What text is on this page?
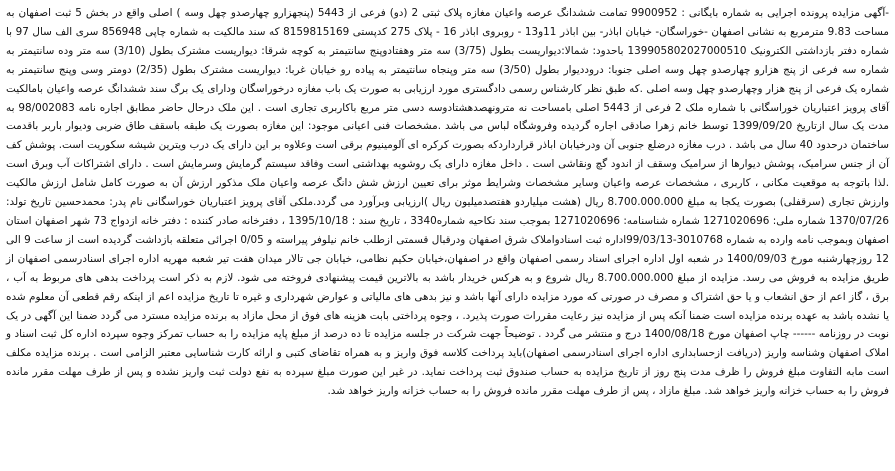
-آگهی مزایده پرونده اجرایی به شماره بایگانی : 9900952 تمامت ششدانگ عرصه واعیان مغازه پلاک ثبتی 2 (دو) فرعی از 5443 (پنجهزارو چهارصدو چهل وسه ) اصلی واقع در بخش 5 ثبت اصفهان به مساحت 9.83 مترمربع به نشانی اصفهان -خوراسگان- خیابان اباذر- بین اباذر 11و13 - روبروی اباذر 16 - پلاک 275 کدپستی 8159815169 که سند مالکیت به شماره چاپی 856948 سری الف سال 97 با شماره دفتر بازداشتی الکترونیک 139905802027000510 باحدود: شمالا:دیواریست بطول (3/75) سه متر وهفتادوپنج سانتیمتر به کوچه شرقا: دیواریست مشترک بطول (3/10) سه متر وده سانتیمتر به شماره سه فرعی از پنج هزارو چهارصدو چهل وسه اصلی جنوبا: دروددیوار بطول (3/50) سه متر وپنجاه سانتیمتر به پیاده رو خیابان غربا: دیواریست مشترک بطول (2/35) دومتر وسی وپنج سانتیمتر به شماره یک فرعی از پنج هزار وچهارصدو چهل وسه اصلی .که طبق نظر کارشناس رسمی دادگستری مورد ارزیابی به صورت یک باب مغازه درخوراسگان ودارای یک برگ سند ششدانگ عرصه واعیان بامالکیت آقای پرویز اعتباریان خوراسگانی با شماره ملک 2 فرعی از 5443 اصلی بامساحت نه مترونهصدهشتادوسه دسی متر مربع باکاربری تجاری است . این ملک درحال حاضر مطابق اجاره نامه 98/002083 به مدت یک سال ازتاریخ 1399/09/20 توسط خانم زهرا صادقی اجاره گردیده وفروشگاه لباس می باشد .مشخصات فنی اعیانی موجود: این مغازه بصورت یک طبقه باسقف طاق ضربی ودیوار باربر باقدمت ساختمان درحدود 40 سال می باشد . درب مغازه درضلع جنوبی آن ودرخیابان اباذر قرارداردکه بصورت کرکره ای آلومینیوم برقی است وعلاوه بر این دارای یک درب ویترین شیشه سکوریت است. پوشش کف آن از جنس سرامیک، پوشش دیوارها از سرامیک وسقف از اندود گچ ونقاشی است . داخل مغازه دارای یک روشویه بهداشتی است وفاقد سیستم گرمایش وسرمایش است . دارای اشتراکات آب وبرق است .لذا باتوجه به موقعیت مکانی ، کاربری ، مشخصات عرصه واعیان وسایر مشخصات وشرایط موثر برای تعیین ارزش شش دانگ عرصه واعیان ملک مذکور ارزش آن به صورت کامل شامل ارزش مالکیت وارزش تجاری (سرقفلی) بصورت یکجا به مبلغ 8.700.000.000 ریال (هشت میلیاردو هفتصدمیلیون ریال )ارزیابی وبرآورد می گردد.ملکی آقای پرویز اعتباریان خوراسگانی نام پدر: محمدحسین تاریخ تولد: 1370/07/26 شماره ملی: 1271020696 شماره شناسنامه: 1271020696 بموجب سند نکاحیه شماره3340 ، تاریخ سند : 1395/10/18 ، دفترخانه صادر کننده : دفتر خانه ازدواج 73 شهر اصفهان استان اصفهان وبموجب نامه وارده به شماره 3010768-99/03/13اداره ثبت اسنادواملاک شرق اصفهان ودرقبال قسمتی ازطلب خانم نیلوفر پیراسته و 0/05 اجرائی متعلقه بازداشت گردیده است از ساعت 9 الی 12 روزچهارشنبه مورخ 1400/09/03 در شعبه اول اداره اجرای اسناد رسمی اصفهان واقع در اصفهان،خیابان حکیم نظامی، خیابان جی تالار میدان هفت تیر شعبه مهریه اداره اجرای اسنادرسمی اصفهان از طریق مزایده به فروش می رسد. مزایده از مبلغ 8.700.000.000 ریال شروع و به هرکس خریدار باشد به بالاترین قیمت پیشنهادی فروخته می شود. لازم به ذکر است پرداخت بدهی های مربوط به آب ، برق ، گاز اعم از حق انشعاب و یا حق اشتراک و مصرف در صورتی که مورد مزایده دارای آنها باشد و نیز بدهی های مالیاتی و عوارض شهرداری و غیره تا تاریخ مزایده اعم از اینکه رقم قطعی آن معلوم شده یا نشده باشد به عهده برنده مزایده است ضمنا آنکه پس از مزایده نیز رعایت مقررات صورت پذیرد. ، وجوه پرداختی بابت هزینه های فوق از محل مازاد به برنده مزایده مسترد می گردد ضمنا این آگهی در یک نوبت در روزنامه ------ چاپ اصفهان مورخ 1400/08/18 درج و منتشر می گردد . توضیحاً جهت شرکت در جلسه مزایده تا ده درصد از مبلغ پایه مزایده را به حساب تمرکز وجوه سپرده اداره کل ثبت اسناد و املاک اصفهان وشناسه واریز (دریافت ازحسابداری اداره اجرای اسنادرسمی اصفهان)باید پرداخت کلاسه فوق واریز و به همراه تقاضای کتبی و ارائه کارت شناسایی معتبر الزامی است . برنده مزایده مکلف است مابه التفاوت مبلغ فروش را ظرف مدت پنج روز از تاریخ مزایده به حساب صندوق ثبت پرداخت نماید. در غیر این صورت مبلغ سپرده به نفع دولت ثبت واریز نشده و پس از طرف مهلت مقرر مانده فروش را به حساب خزانه واریز خواهد شد. مبلغ مازاد ، پس از طرف مهلت مقرر مانده فروش را به حساب خزانه واریز خواهد شد.
